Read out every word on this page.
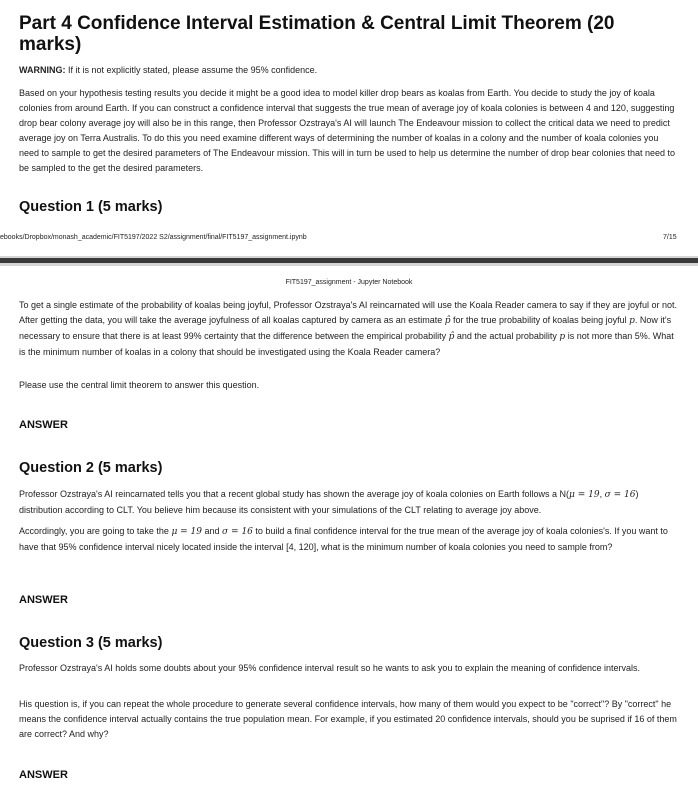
Part 4 Confidence Interval Estimation & Central Limit Theorem (20 marks)

WARNING: If it is not explicitly stated, please assume the 95% confidence.

Based on your hypothesis testing results you decide it might be a good idea to model killer drop bears as koalas from Earth. You decide to study the joy of koala colonies from around Earth. If you can construct a confidence interval that suggests the true mean of average joy of koala colonies is between 4 and 120, suggesting drop bear colony average joy will also be in this range, then Professor Ozstraya's AI will launch The Endeavour mission to collect the critical data we need to predict average joy on Terra Australis. To do this you need examine different ways of determining the number of koalas in a colony and the number of koala colonies you need to sample to get the desired parameters of The Endeavour mission. This will in turn be used to help us determine the number of drop bear colonies that need to be sampled to the get the desired parameters.

Question 1 (5 marks)
ebooks/Dropbox/monash_academic/FIT5197/2022 S2/assignment/final/FIT5197_assignment.ipynb	7/15
FIT5197_assignment - Jupyter Notebook

To get a single estimate of the probability of koalas being joyful, Professor Ozstraya's AI reincarnated will use the Koala Reader camera to say if they are joyful or not. After getting the data, you will take the average joyfulness of all koalas captured by camera as an estimate p̂ for the true probability of koalas being joyful p. Now it's necessary to ensure that there is at least 99% certainty that the difference between the empirical probability p̂ and the actual probability p is not more than 5%. What is the minimum number of koalas in a colony that should be investigated using the Koala Reader camera?

Please use the central limit theorem to answer this question.

ANSWER
Question 2 (5 marks)

Professor Ozstraya's AI reincarnated tells you that a recent global study has shown the average joy of koala colonies on Earth follows a N(μ = 19, σ = 16) distribution according to CLT. You believe him because its consistent with your simulations of the CLT relating to average joy above.

Accordingly, you are going to take the μ = 19 and σ = 16 to build a final confidence interval for the true mean of the average joy of koala colonies's. If you want to have that 95% confidence interval nicely located inside the interval [4, 120], what is the minimum number of koala colonies you need to sample from?

ANSWER
Question 3 (5 marks)

Professor Ozstraya's AI holds some doubts about your 95% confidence interval result so he wants to ask you to explain the meaning of confidence intervals.

His question is, if you can repeat the whole procedure to generate several confidence intervals, how many of them would you expect to be "correct"? By "correct" he means the confidence interval actually contains the true population mean. For example, if you estimated 20 confidence intervals, should you be suprised if 16 of them are correct? And why?

ANSWER
